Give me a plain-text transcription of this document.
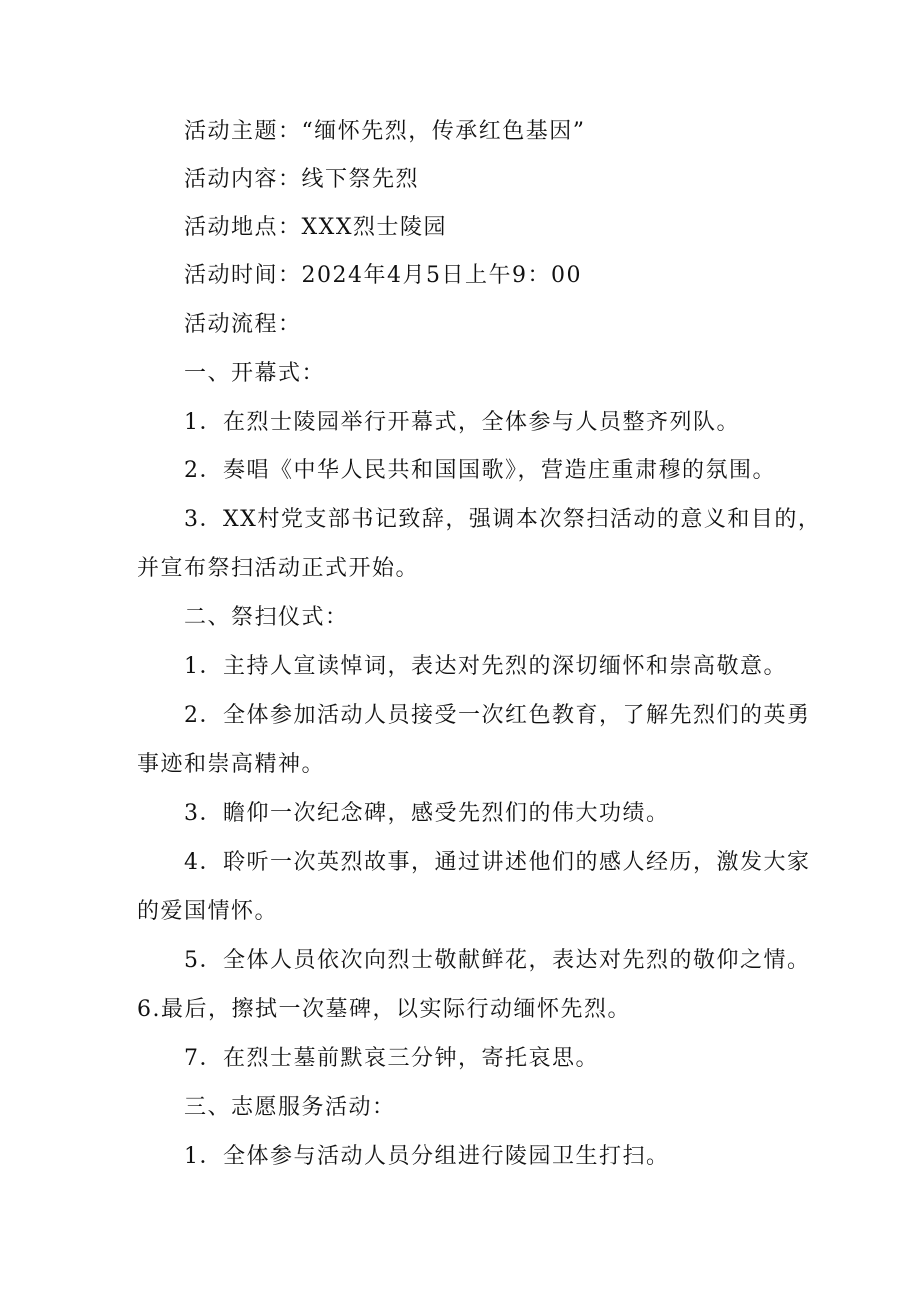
活动主题：“缅怀先烈，传承红色基因”
活动内容：线下祭先烈
活动地点：XXX烈士陵园
活动时间：2024年4月5日上午9：00
活动流程：
一、开幕式：
1．在烈士陵园举行开幕式，全体参与人员整齐列队。
2．奏唱《中华人民共和国国歌》，营造庄重肃穆的氛围。
3．XX村党支部书记致辞，强调本次祭扫活动的意义和目的，
并宣布祭扫活动正式开始。
二、祭扫仪式：
1．主持人宣读悼词，表达对先烈的深切缅怀和崇高敬意。
2．全体参加活动人员接受一次红色教育，了解先烈们的英勇
事迹和崇高精神。
3．瞻仰一次纪念碑，感受先烈们的伟大功绩。
4．聆听一次英烈故事，通过讲述他们的感人经历，激发大家
的爱国情怀。
5．全体人员依次向烈士敬献鲜花，表达对先烈的敬仰之情。
6.最后，擦拭一次墓碑，以实际行动缅怀先烈。
7．在烈士墓前默哀三分钟，寄托哀思。
三、志愿服务活动：
1．全体参与活动人员分组进行陵园卫生打扫。
